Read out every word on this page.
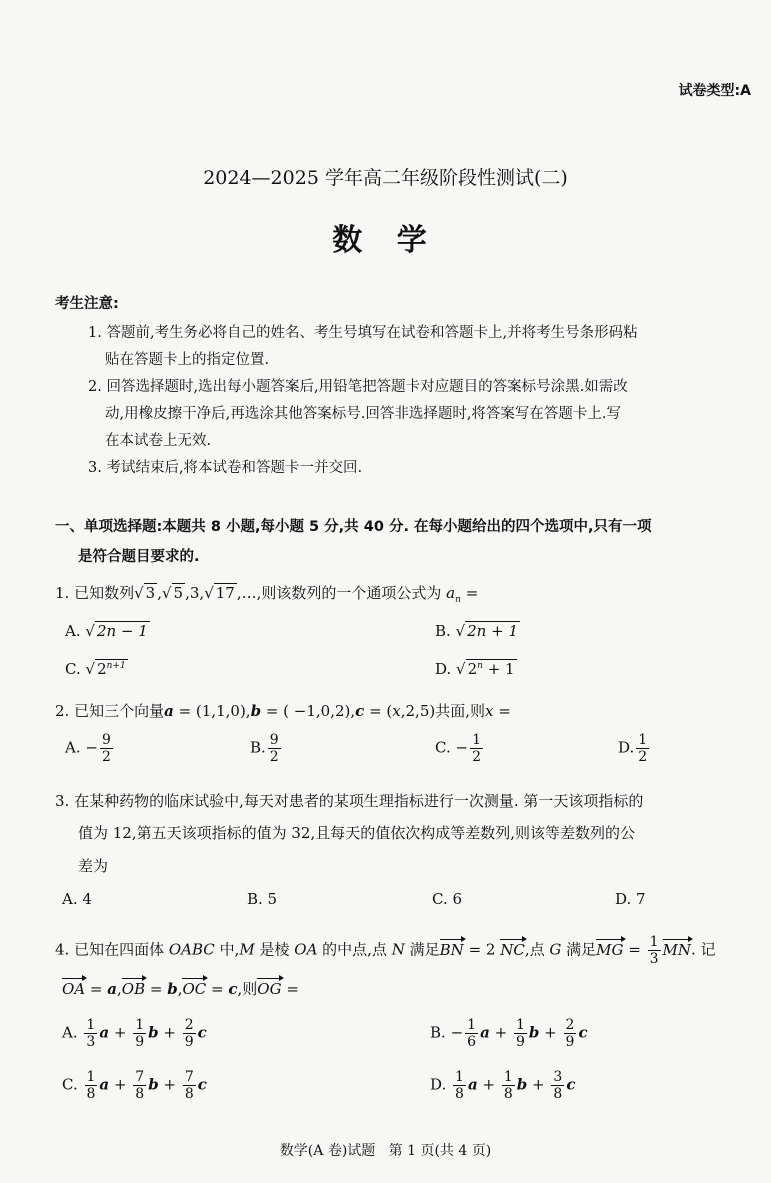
试卷类型:A
2024—2025 学年高二年级阶段性测试(二)
数 学
考生注意:
1. 答题前,考生务必将自己的姓名、考生号填写在试卷和答题卡上,并将考生号条形码粘
贴在答题卡上的指定位置.
2. 回答选择题时,选出每小题答案后,用铅笔把答题卡对应题目的答案标号涂黑.如需改
动,用橡皮擦干净后,再选涂其他答案标号.回答非选择题时,将答案写在答题卡上.写
在本试卷上无效.
3. 考试结束后,将本试卷和答题卡一并交回.
一、单项选择题:本题共 8 小题,每小题 5 分,共 40 分. 在每小题给出的四个选项中,只有一项
是符合题目要求的.
1. 已知数列√ 3 ,√ 5 ,3,√ 17 ,…,则该数列的一个通项公式为 $a_n$ =
A. √ 2n − 1	B. √ 2n + 1
C. √ $2^{n+1}$	D. √ $2^n + 1$
2. 已知三个向量a = (1,1,0),b = ( −1,0,2),c = (x,2,5)共面,则x =
A. − $\frac{9}{2}$	B. $\frac{9}{2}$	C. − $\frac{1}{2}$	D. $\frac{1}{2}$
3. 在某种药物的临床试验中,每天对患者的某项生理指标进行一次测量. 第一天该项指标的
值为 12,第五天该项指标的值为 32,且每天的值依次构成等差数列,则该等差数列的公
差为
A. 4	B. 5	C. 6	D. 7
4. 已知在四面体 OABC 中,M 是棱 OA 的中点,点 N 满足BN = 2 NC,点 G 满足MG = $\frac{1}{3}$ MN. 记
OA = a,OB = b,OC = c,则OG =
A. $\frac{1}{3}$ $a + \frac{1}{9}$ $b + \frac{2}{9}$ c	B. − $\frac{1}{6}$ $a + \frac{1}{9}$ $b + \frac{2}{9}$ c
C. $\frac{1}{8}$ $a + \frac{7}{8}$ $b + \frac{7}{8}$ c	D. $\frac{1}{8}$ $a + \frac{1}{8}$ $b + \frac{3}{8}$ c
数学(A 卷)试题   第 1 页(共 4 页)
